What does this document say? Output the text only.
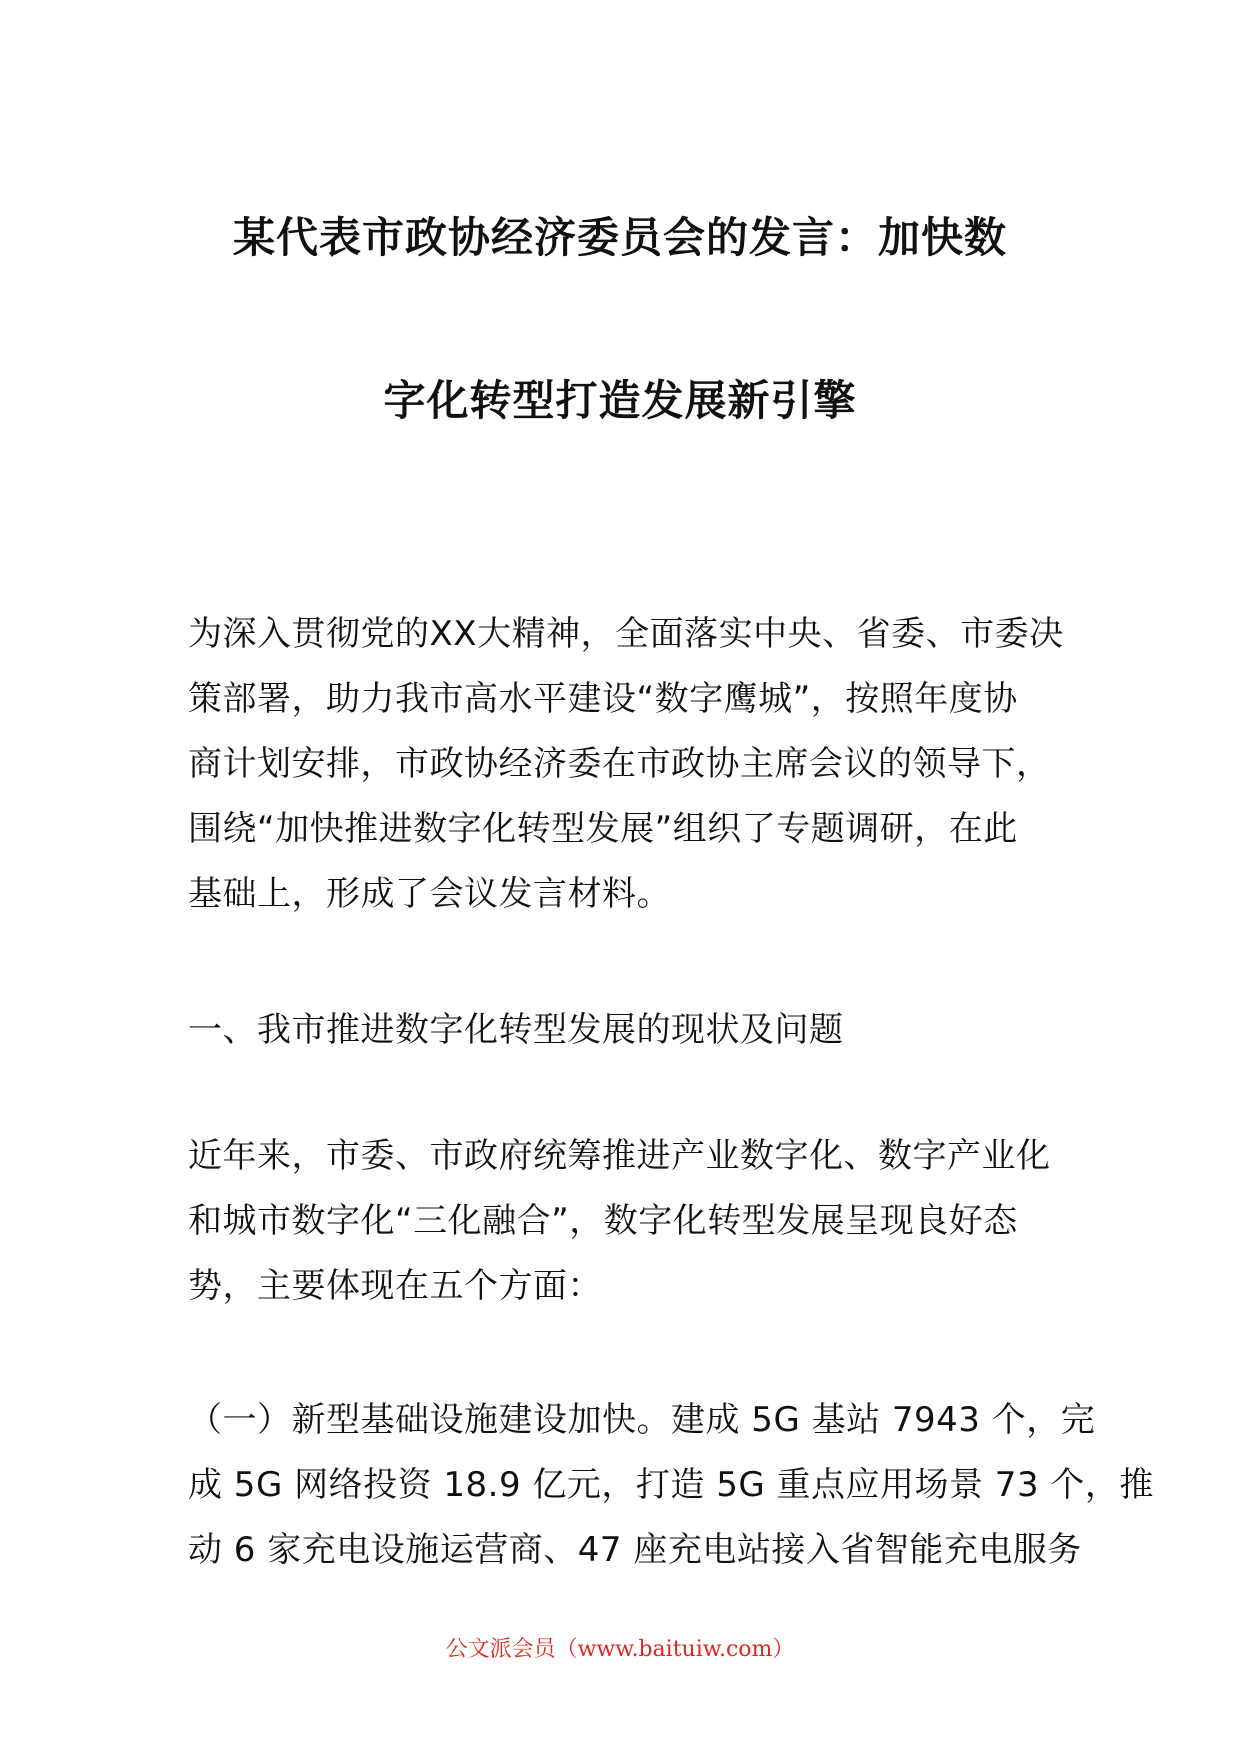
某代表市政协经济委员会的发言：加快数
字化转型打造发展新引擎
为深入贯彻党的XX大精神，全面落实中央、省委、市委决
策部署，助力我市高水平建设“数字鹰城”，按照年度协
商计划安排，市政协经济委在市政协主席会议的领导下，
围绕“加快推进数字化转型发展”组织了专题调研，在此
基础上，形成了会议发言材料。
一、我市推进数字化转型发展的现状及问题
近年来，市委、市政府统筹推进产业数字化、数字产业化
和城市数字化“三化融合”，数字化转型发展呈现良好态
势，主要体现在五个方面：
（一）新型基础设施建设加快。建成 5G 基站 7943 个，完
成 5G 网络投资 18.9 亿元，打造 5G 重点应用场景 73 个，推
动 6 家充电设施运营商、47 座充电站接入省智能充电服务
公文派会员（www.baituiw.com）
